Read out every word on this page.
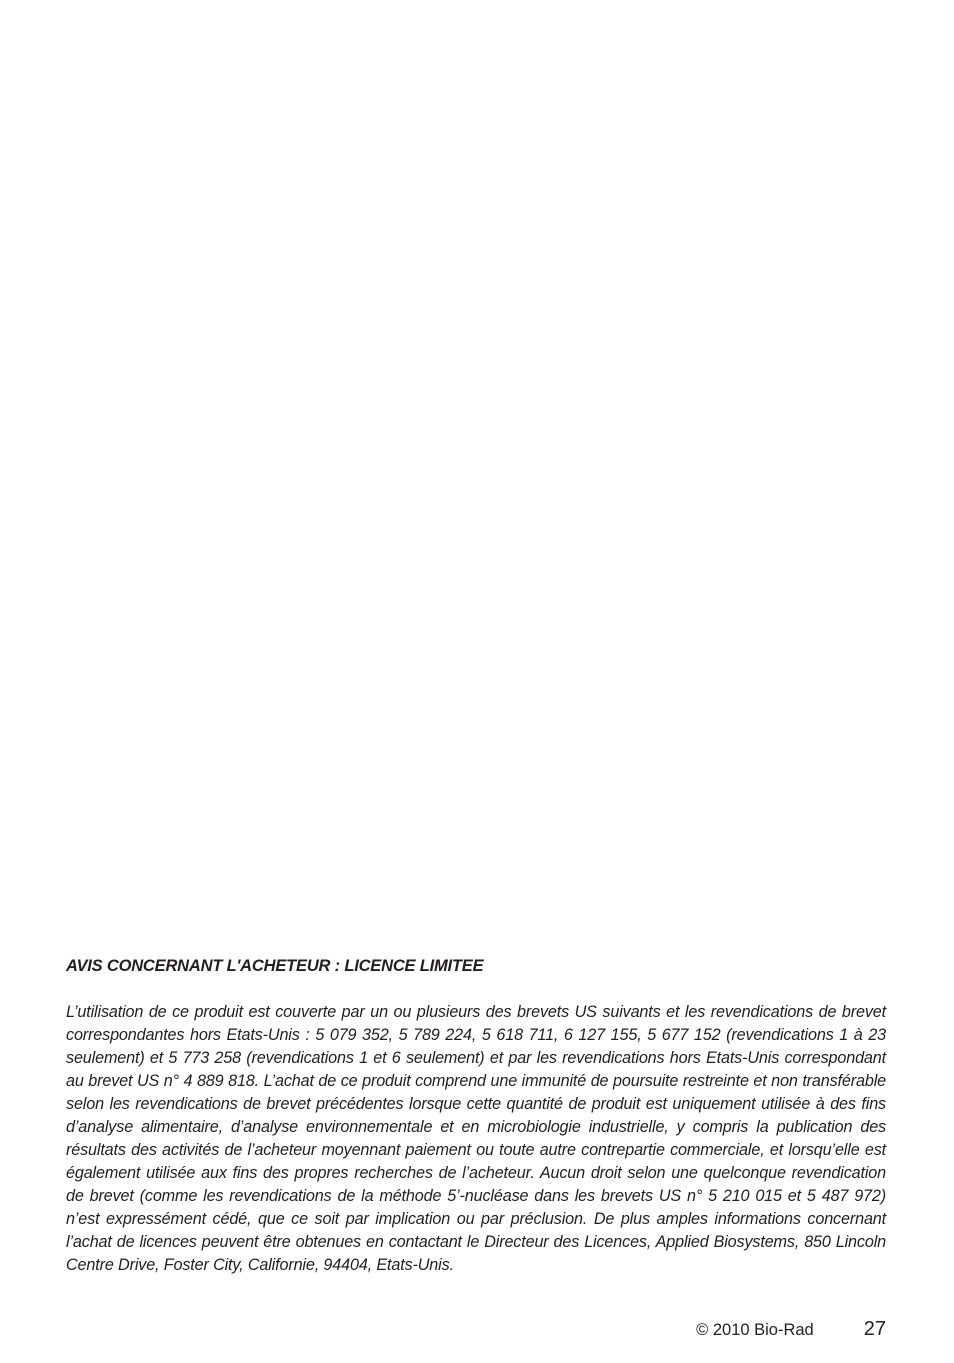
AVIS CONCERNANT L'ACHETEUR : LICENCE LIMITEE

L’utilisation de ce produit est couverte par un ou plusieurs des brevets US suivants et les revendications de brevet correspondantes hors Etats-Unis : 5 079 352, 5 789 224, 5 618 711, 6 127 155, 5 677 152 (revendications 1 à 23 seulement) et 5 773 258 (revendications 1 et 6 seulement) et par les revendications hors Etats-Unis correspondant au brevet US n° 4 889 818. L’achat de ce produit comprend une immunité de poursuite restreinte et non transférable selon les revendications de brevet précédentes lorsque cette quantité de produit est uniquement utilisée à des fins d’analyse alimentaire, d’analyse environnementale et en microbiologie industrielle, y compris la publication des résultats des activités de l’acheteur moyennant paiement ou toute autre contrepartie commerciale, et lorsqu’elle est également utilisée aux fins des propres recherches de l’acheteur. Aucun droit selon une quelconque revendication de brevet (comme les revendications de la méthode 5’-nucléase dans les brevets US n° 5 210 015 et 5 487 972) n’est expressément cédé, que ce soit par implication ou par préclusion. De plus amples informations concernant l’achat de licences peuvent être obtenues en contactant le Directeur des Licences, Applied Biosystems, 850 Lincoln Centre Drive, Foster City, Californie, 94404, Etats-Unis.

© 2010 Bio-Rad	27
